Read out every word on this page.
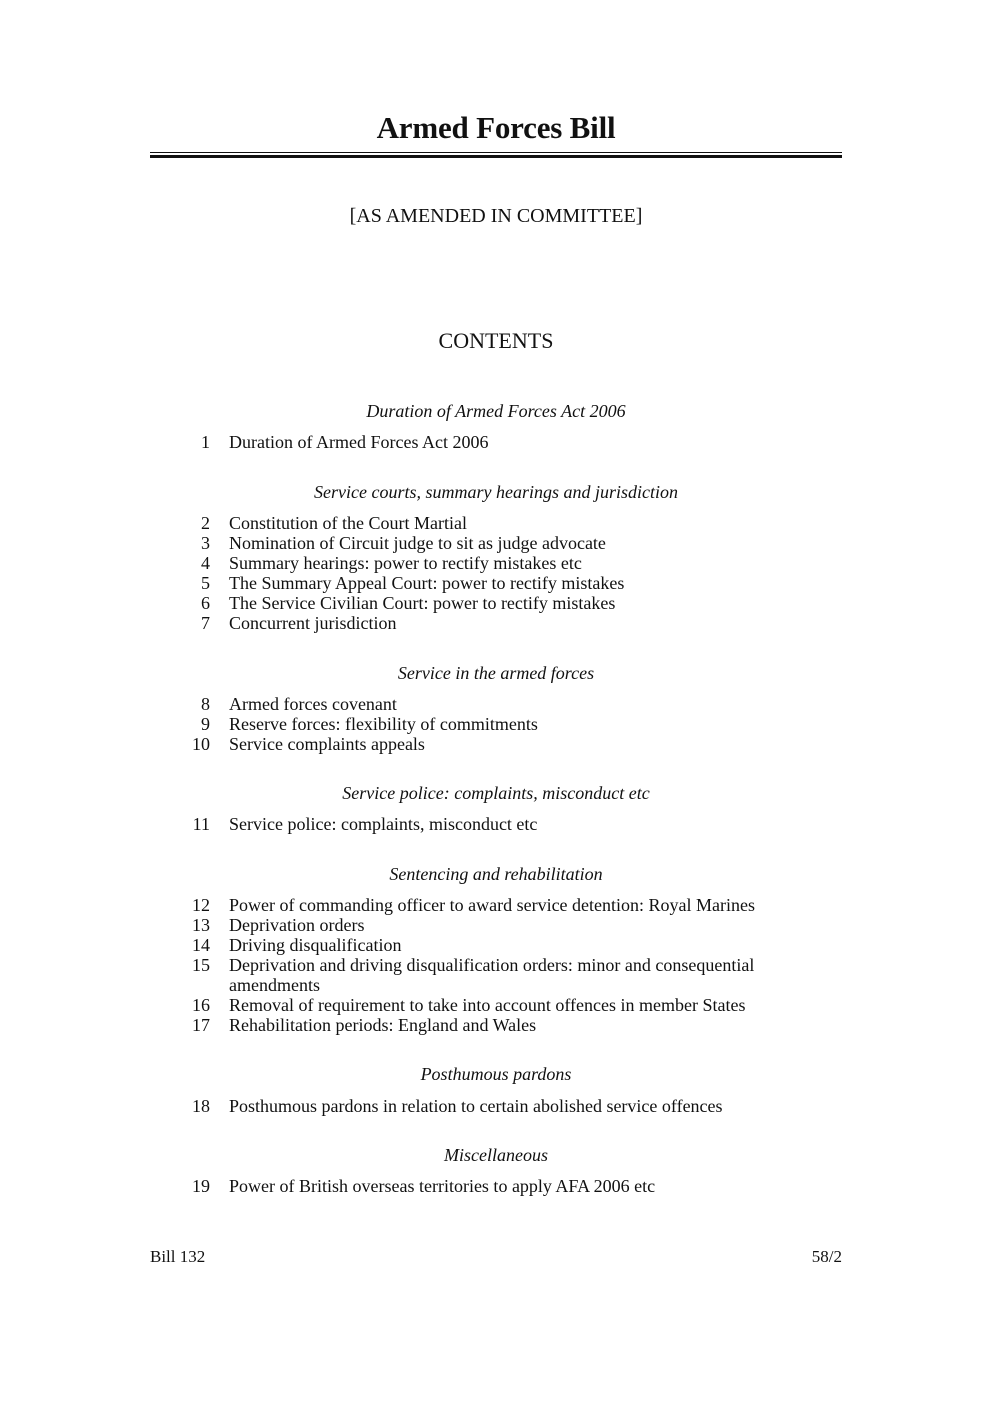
Armed Forces Bill
[AS AMENDED IN COMMITTEE]
CONTENTS
Duration of Armed Forces Act 2006
1 Duration of Armed Forces Act 2006
Service courts, summary hearings and jurisdiction
2 Constitution of the Court Martial
3 Nomination of Circuit judge to sit as judge advocate
4 Summary hearings: power to rectify mistakes etc
5 The Summary Appeal Court: power to rectify mistakes
6 The Service Civilian Court: power to rectify mistakes
7 Concurrent jurisdiction
Service in the armed forces
8 Armed forces covenant
9 Reserve forces: flexibility of commitments
10 Service complaints appeals
Service police: complaints, misconduct etc
11 Service police: complaints, misconduct etc
Sentencing and rehabilitation
12 Power of commanding officer to award service detention: Royal Marines
13 Deprivation orders
14 Driving disqualification
15 Deprivation and driving disqualification orders: minor and consequential
amendments
16 Removal of requirement to take into account offences in member States
17 Rehabilitation periods: England and Wales
Posthumous pardons
18 Posthumous pardons in relation to certain abolished service offences
Miscellaneous
19 Power of British overseas territories to apply AFA 2006 etc
Bill 132	58/2
